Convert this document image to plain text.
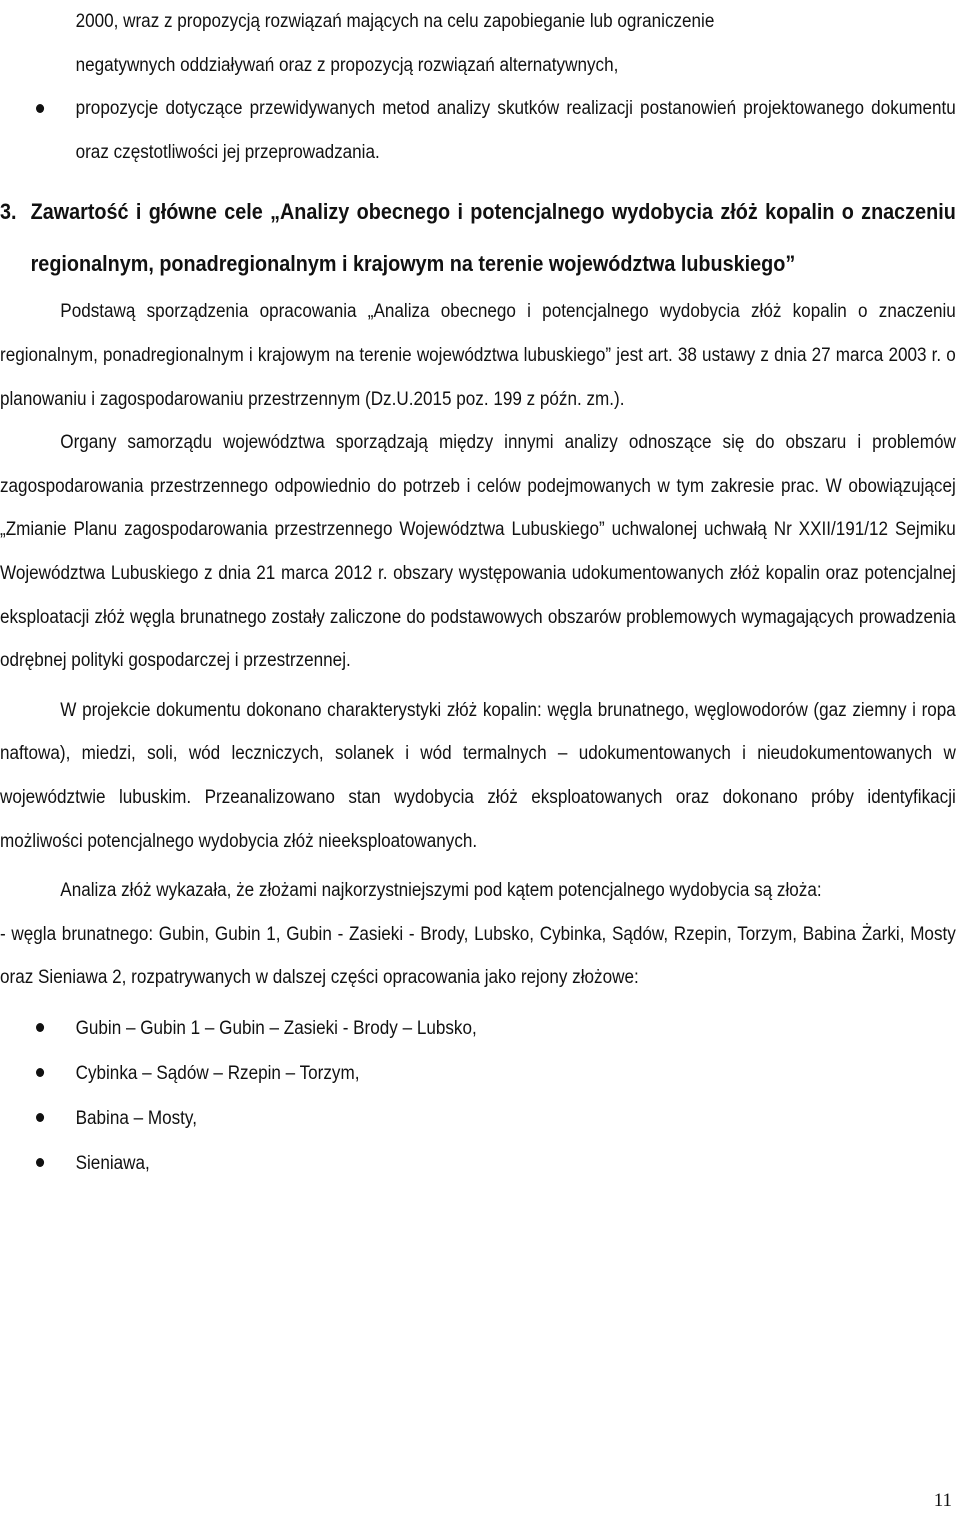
2000, wraz z propozycją rozwiązań mających na celu zapobieganie lub ograniczenie
negatywnych oddziaływań oraz z propozycją rozwiązań alternatywnych,
propozycje dotyczące przewidywanych metod analizy skutków realizacji postanowień projektowanego dokumentu oraz częstotliwości jej przeprowadzania.
3. Zawartość i główne cele „Analizy obecnego i potencjalnego wydobycia złóż kopalin o znaczeniu regionalnym, ponadregionalnym i krajowym na terenie województwa lubuskiego”

Podstawą sporządzenia opracowania „Analiza obecnego i potencjalnego wydobycia złóż kopalin o znaczeniu regionalnym, ponadregionalnym i krajowym na terenie województwa lubuskiego” jest art. 38 ustawy z dnia 27 marca 2003 r. o planowaniu i zagospodarowaniu przestrzennym (Dz.U.2015 poz. 199 z późn. zm.).

Organy samorządu województwa sporządzają między innymi analizy odnoszące się do obszaru i problemów zagospodarowania przestrzennego odpowiednio do potrzeb i celów podejmowanych w tym zakresie prac. W obowiązującej „Zmianie Planu zagospodarowania przestrzennego Województwa Lubuskiego” uchwalonej uchwałą Nr XXII/191/12 Sejmiku Województwa Lubuskiego z dnia 21 marca 2012 r. obszary występowania udokumentowanych złóż kopalin oraz potencjalnej eksploatacji złóż węgla brunatnego zostały zaliczone do podstawowych obszarów problemowych wymagających prowadzenia odrębnej polityki gospodarczej i przestrzennej.

W projekcie dokumentu dokonano charakterystyki złóż kopalin: węgla brunatnego, węglowodorów (gaz ziemny i ropa naftowa), miedzi, soli, wód leczniczych, solanek i wód termalnych – udokumentowanych i nieudokumentowanych w województwie lubuskim. Przeanalizowano stan wydobycia złóż eksploatowanych oraz dokonano próby identyfikacji możliwości potencjalnego wydobycia złóż nieeksploatowanych.

Analiza złóż wykazała, że złożami najkorzystniejszymi pod kątem potencjalnego wydobycia są złoża:

- węgla brunatnego: Gubin, Gubin 1, Gubin - Zasieki - Brody, Lubsko, Cybinka, Sądów, Rzepin, Torzym, Babina Żarki, Mosty oraz Sieniawa 2, rozpatrywanych w dalszej części opracowania jako rejony złożowe:

Gubin – Gubin 1 – Gubin – Zasieki - Brody – Lubsko,
Cybinka – Sądów – Rzepin – Torzym,
Babina – Mosty,
Sieniawa,
11
